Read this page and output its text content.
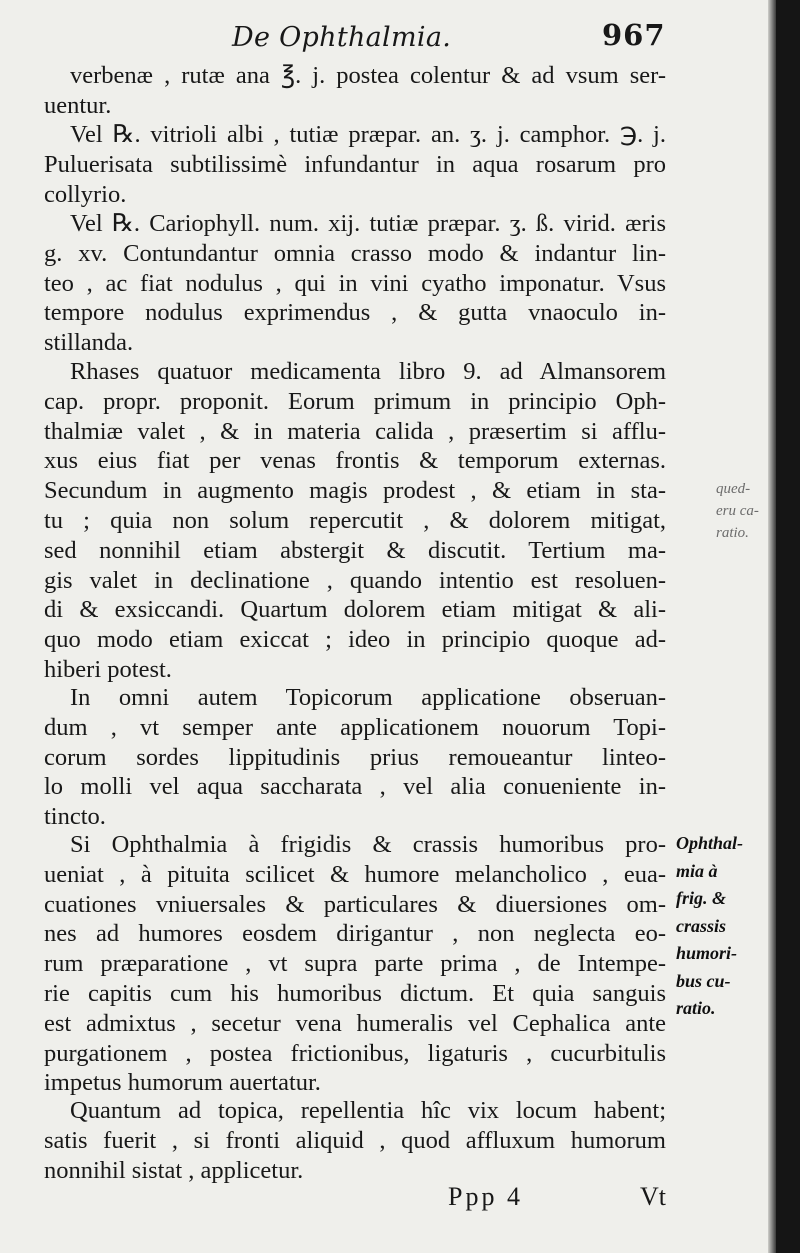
De Ophthalmia.	967
verbenæ , rutæ ana ℥. j. postea colentur & ad vsum ser-
uentur.
Vel ℞. vitrioli albi , tutiæ præpar. an. ʒ. j. camphor. ℈. j.
Puluerisata subtilissimè infundantur in aqua rosarum pro
collyrio.
Vel ℞. Cariophyll. num. xij. tutiæ præpar. ʒ. ß. virid. æris
g. xv. Contundantur omnia crasso modo & indantur lin-
teo , ac fiat nodulus , qui in vini cyatho imponatur. Vsus
tempore nodulus exprimendus , & gutta vnaoculo in-
stillanda.
Rhases quatuor medicamenta libro 9. ad Almansorem
cap. propr. proponit. Eorum primum in principio Oph-
thalmiæ valet , & in materia calida , præsertim si afflu-
xus eius fiat per venas frontis & temporum externas.
Secundum in augmento magis prodest , & etiam in sta-
tu ; quia non solum repercutit , & dolorem mitigat,
sed nonnihil etiam abstergit & discutit. Tertium ma-
gis valet in declinatione , quando intentio est resoluen-
di & exsiccandi. Quartum dolorem etiam mitigat & ali-
quo modo etiam exiccat ; ideo in principio quoque ad-
hiberi potest.
In omni autem Topicorum applicatione obseruan-
dum , vt semper ante applicationem nouorum Topi-
corum sordes lippitudinis prius remoueantur linteo-
lo molli vel aqua saccharata , vel alia conueniente in-
tincto.
Si Ophthalmia à frigidis & crassis humoribus pro-
ueniat , à pituita scilicet & humore melancholico , eua-
cuationes vniuersales & particulares & diuersiones om-
nes ad humores eosdem dirigantur , non neglecta eo-
rum præparatione , vt supra parte prima , de Intempe-
rie capitis cum his humoribus dictum. Et quia sanguis
est admixtus , secetur vena humeralis vel Cephalica ante
purgationem , postea frictionibus, ligaturis , cucurbitulis
impetus humorum auertatur.
Quantum ad topica, repellentia hîc vix locum habent;
satis fuerit , si fronti aliquid , quod affluxum humorum
nonnihil sistat , applicetur.
qued-
eru ca-
ratio.
Ophthal-
mia à
frig. &
crassis
humori-
bus cu-
ratio.
Ppp 4	Vt
